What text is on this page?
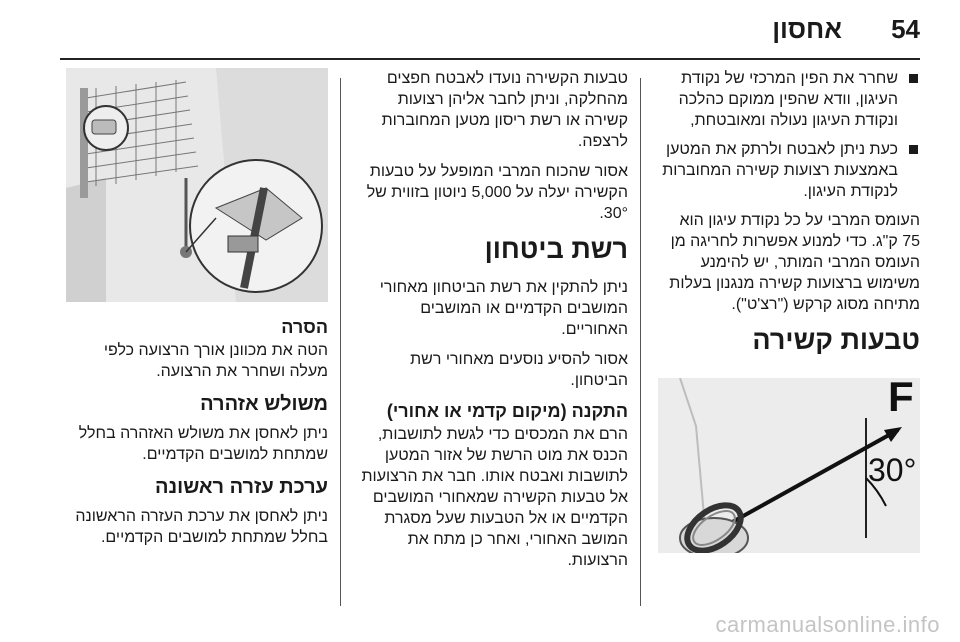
54
אחסון
שחרר את הפין המרכזי של נקודת העיגון, וודא שהפין ממוקם כהלכה ונקודת העיגון נעולה ומאובטחת,
כעת ניתן לאבטח ולרתק את המטען באמצעות רצועות קשירה המחוברות לנקודת העיגון.

העומס המרבי על כל נקודת עיגון הוא 75 ק"ג. כדי למנוע אפשרות לחריגה מן העומס המרבי המותר, יש להימנע משימוש ברצועות קשירה מנגנון בעלות מתיחה מסוג קרקש ("רצ'ט").

טבעות קשירה
F
30°

טבעות הקשירה נועדו לאבטח חפצים מהחלקה, וניתן לחבר אליהן רצועות קשירה או רשת ריסון מטען המחוברות לרצפה.

אסור שהכוח המרבי המופעל על טבעות הקשירה יעלה על 5,000 ניוטון בזווית של 30°.

רשת ביטחון

ניתן להתקין את רשת הביטחון מאחורי המושבים הקדמיים או המושבים האחוריים.

אסור להסיע נוסעים מאחורי רשת הביטחון.

התקנה (מיקום קדמי או אחורי)

הרם את המכסים כדי לגשת לתושבות, הכנס את מוט הרשת של אזור המטען לתושבות ואבטח אותו. חבר את הרצועות אל טבעות הקשירה שמאחורי המושבים הקדמיים או אל הטבעות שעל מסגרת המושב האחורי, ואחר כן מתח את הרצועות.

הסרה

הטה את מכוונן אורך הרצועה כלפי מעלה ושחרר את הרצועה.

משולש אזהרה

ניתן לאחסן את משולש האזהרה בחלל שמתחת למושבים הקדמיים.

ערכת עזרה ראשונה

ניתן לאחסן את ערכת העזרה הראשונה בחלל שמתחת למושבים הקדמיים.

carmanualsonline.info
